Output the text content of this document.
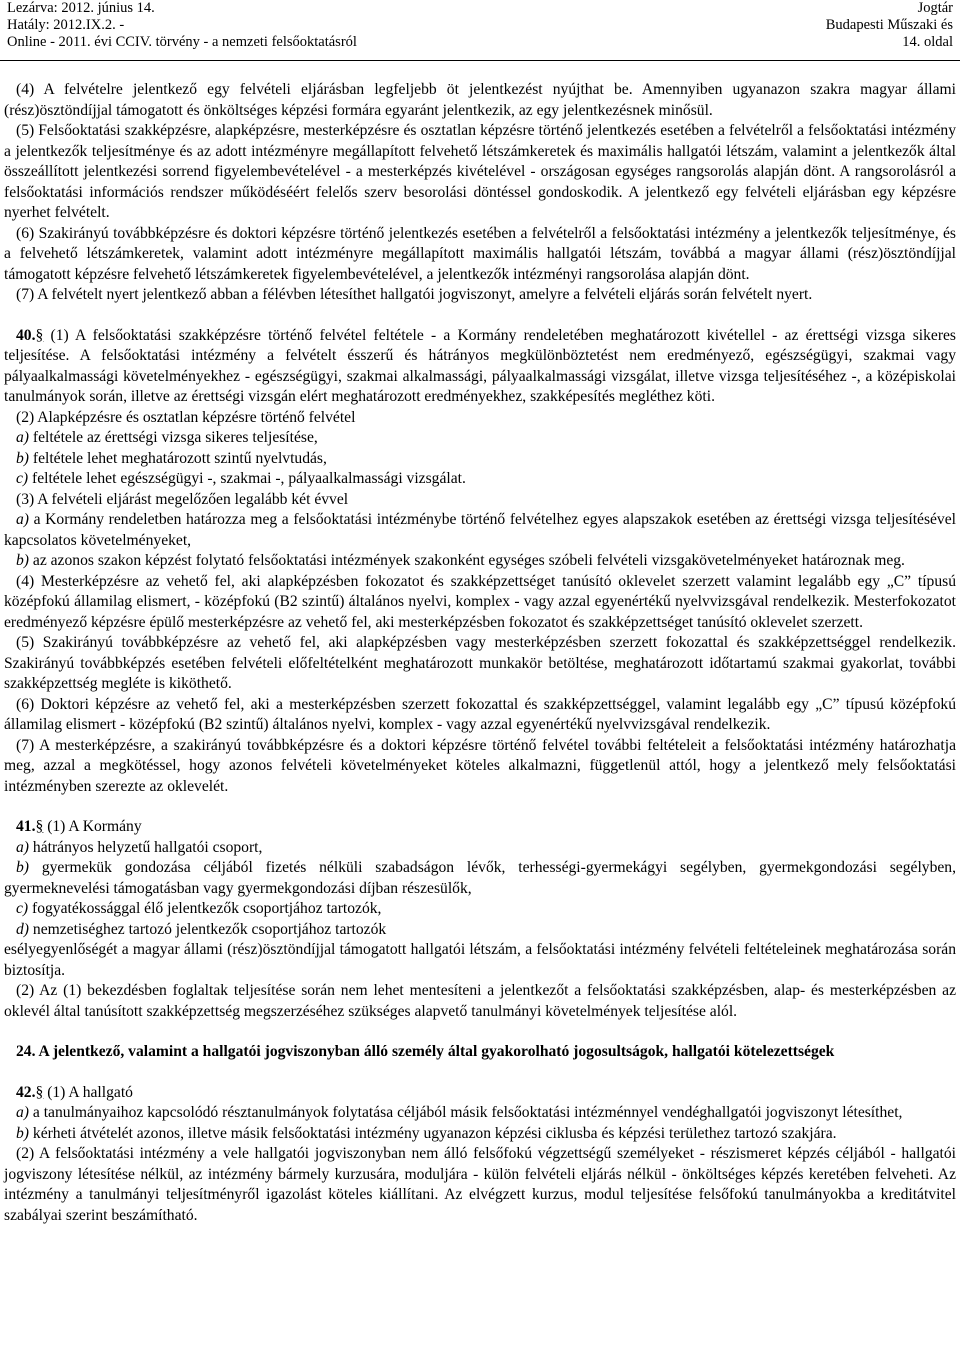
Lezárva: 2012. június 14.
Hatály: 2012.IX.2. -
Online - 2011. évi CCIV. törvény - a nemzeti felsőoktatásról
Jogtár
Budapesti Műszaki és
14. oldal

(4) A felvételre jelentkező egy felvételi eljárásban legfeljebb öt jelentkezést nyújthat be. Amennyiben ugyanazon szakra magyar állami (rész)ösztöndíjjal támogatott és önköltséges képzési formára egyaránt jelentkezik, az egy jelentkezésnek minősül.

(5) Felsőoktatási szakképzésre, alapképzésre, mesterképzésre és osztatlan képzésre történő jelentkezés esetében a felvételről a felsőoktatási intézmény a jelentkezők teljesítménye és az adott intézményre megállapított felvehető létszámkeretek és maximális hallgatói létszám, valamint a jelentkezők által összeállított jelentkezési sorrend figyelembevételével - a mesterképzés kivételével - országosan egységes rangsorolás alapján dönt. A rangsorolásról a felsőoktatási információs rendszer működéséért felelős szerv besorolási döntéssel gondoskodik. A jelentkező egy felvételi eljárásban egy képzésre nyerhet felvételt.

(6) Szakirányú továbbképzésre és doktori képzésre történő jelentkezés esetében a felvételről a felsőoktatási intézmény a jelentkezők teljesítménye, és a felvehető létszámkeretek, valamint adott intézményre megállapított maximális hallgatói létszám, továbbá a magyar állami (rész)ösztöndíjjal támogatott képzésre felvehető létszámkeretek figyelembevételével, a jelentkezők intézményi rangsorolása alapján dönt.

(7) A felvételt nyert jelentkező abban a félévben létesíthet hallgatói jogviszonyt, amelyre a felvételi eljárás során felvételt nyert.

40.§ (1) A felsőoktatási szakképzésre történő felvétel feltétele - a Kormány rendeletében meghatározott kivétellel - az érettségi vizsga sikeres teljesítése. A felsőoktatási intézmény a felvételt ésszerű és hátrányos megkülönböztetést nem eredményező, egészségügyi, szakmai vagy pályaalkalmassági követelményekhez - egészségügyi, szakmai alkalmassági, pályaalkalmassági vizsgálat, illetve vizsga teljesítéséhez -, a középiskolai tanulmányok során, illetve az érettségi vizsgán elért meghatározott eredményekhez, szakképesítés megléthez köti.

(2) Alapképzésre és osztatlan képzésre történő felvétel

a) feltétele az érettségi vizsga sikeres teljesítése,

b) feltétele lehet meghatározott szintű nyelvtudás,

c) feltétele lehet egészségügyi -, szakmai -, pályaalkalmassági vizsgálat.

(3) A felvételi eljárást megelőzően legalább két évvel

a) a Kormány rendeletben határozza meg a felsőoktatási intézménybe történő felvételhez egyes alapszakok esetében az érettségi vizsga teljesítésével kapcsolatos követelményeket,

b) az azonos szakon képzést folytató felsőoktatási intézmények szakonként egységes szóbeli felvételi vizsgakövetelményeket határoznak meg.

(4) Mesterképzésre az vehető fel, aki alapképzésben fokozatot és szakképzettséget tanúsító oklevelet szerzett valamint legalább egy „C” típusú középfokú államilag elismert, - középfokú (B2 szintű) általános nyelvi, komplex - vagy azzal egyenértékű nyelvvizsgával rendelkezik. Mesterfokozatot eredményező képzésre épülő mesterképzésre az vehető fel, aki mesterképzésben fokozatot és szakképzettséget tanúsító oklevelet szerzett.

(5) Szakirányú továbbképzésre az vehető fel, aki alapképzésben vagy mesterképzésben szerzett fokozattal és szakképzettséggel rendelkezik. Szakirányú továbbképzés esetében felvételi előfeltételként meghatározott munkakör betöltése, meghatározott időtartamú szakmai gyakorlat, további szakképzettség megléte is kiköthető.

(6) Doktori képzésre az vehető fel, aki a mesterképzésben szerzett fokozattal és szakképzettséggel, valamint legalább egy „C” típusú középfokú államilag elismert - középfokú (B2 szintű) általános nyelvi, komplex - vagy azzal egyenértékű nyelvvizsgával rendelkezik.

(7) A mesterképzésre, a szakirányú továbbképzésre és a doktori képzésre történő felvétel további feltételeit a felsőoktatási intézmény határozhatja meg, azzal a megkötéssel, hogy azonos felvételi követelményeket köteles alkalmazni, függetlenül attól, hogy a jelentkező mely felsőoktatási intézményben szerezte az oklevelét.

41.§ (1) A Kormány

a) hátrányos helyzetű hallgatói csoport,

b) gyermekük gondozása céljából fizetés nélküli szabadságon lévők, terhességi-gyermekágyi segélyben, gyermekgondozási segélyben, gyermeknevelési támogatásban vagy gyermekgondozási díjban részesülők,

c) fogyatékossággal élő jelentkezők csoportjához tartozók,

d) nemzetiséghez tartozó jelentkezők csoportjához tartozók

esélyegyenlőségét a magyar állami (rész)ösztöndíjjal támogatott hallgatói létszám, a felsőoktatási intézmény felvételi feltételeinek meghatározása során biztosítja.

(2) Az (1) bekezdésben foglaltak teljesítése során nem lehet mentesíteni a jelentkezőt a felsőoktatási szakképzésben, alap- és mesterképzésben az oklevél által tanúsított szakképzettség megszerzéséhez szükséges alapvető tanulmányi követelmények teljesítése alól.

24. A jelentkező, valamint a hallgatói jogviszonyban álló személy által gyakorolható jogosultságok, hallgatói kötelezettségek

42.§ (1) A hallgató

a) a tanulmányaihoz kapcsolódó résztanulmányok folytatása céljából másik felsőoktatási intézménnyel vendéghallgatói jogviszonyt létesíthet,

b) kérheti átvételét azonos, illetve másik felsőoktatási intézmény ugyanazon képzési ciklusba és képzési területhez tartozó szakjára.

(2) A felsőoktatási intézmény a vele hallgatói jogviszonyban nem álló felsőfokú végzettségű személyeket - részismeret képzés céljából - hallgatói jogviszony létesítése nélkül, az intézmény bármely kurzusára, moduljára - külön felvételi eljárás nélkül - önköltséges képzés keretében felveheti. Az intézmény a tanulmányi teljesítményről igazolást köteles kiállítani. Az elvégzett kurzus, modul teljesítése felsőfokú tanulmányokba a kreditátvitel szabályai szerint beszámítható.
